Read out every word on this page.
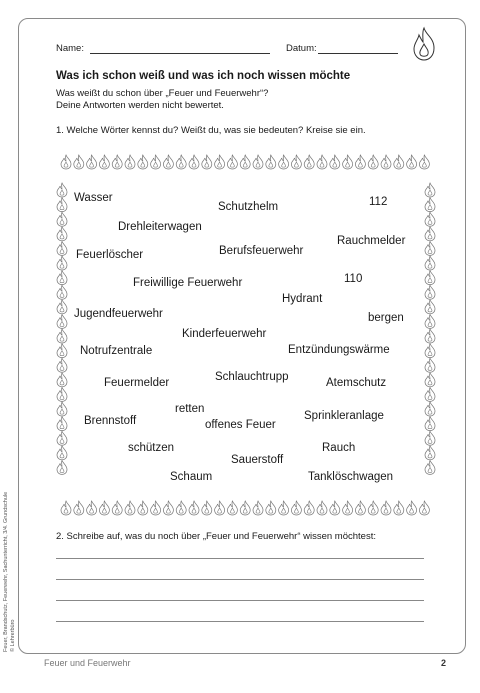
Name:	Datum:
Was ich schon weiß und was ich noch wissen möchte
Was weißt du schon über „Feuer und Feuerwehr“?
Deine Antworten werden nicht bewertet.
1. Welche Wörter kennst du? Weißt du, was sie bedeuten? Kreise sie ein.
Wasser
Schutzhelm	112
Drehleiterwagen
Rauchmelder
Feuerlöscher	Berufsfeuerwehr
110
Freiwillige Feuerwehr
Hydrant
Jugendfeuerwehr	bergen
Kinderfeuerwehr
Notrufzentrale	Entzündungswärme
Schlauchtrupp
Feuermelder	Atemschutz
retten
Brennstoff	Sprinkleranlage
offenes Feuer
schützen	Rauch
Sauerstoff
Schaum	Tanklöschwagen
2. Schreibe auf, was du noch über „Feuer und Feuerwehr“ wissen möchtest:
Feuer, Brandschutz, Feuerwehr, Sachunterricht, 3/4. Grundschule © Lehrerbüro
Feuer und Feuerwehr	2
